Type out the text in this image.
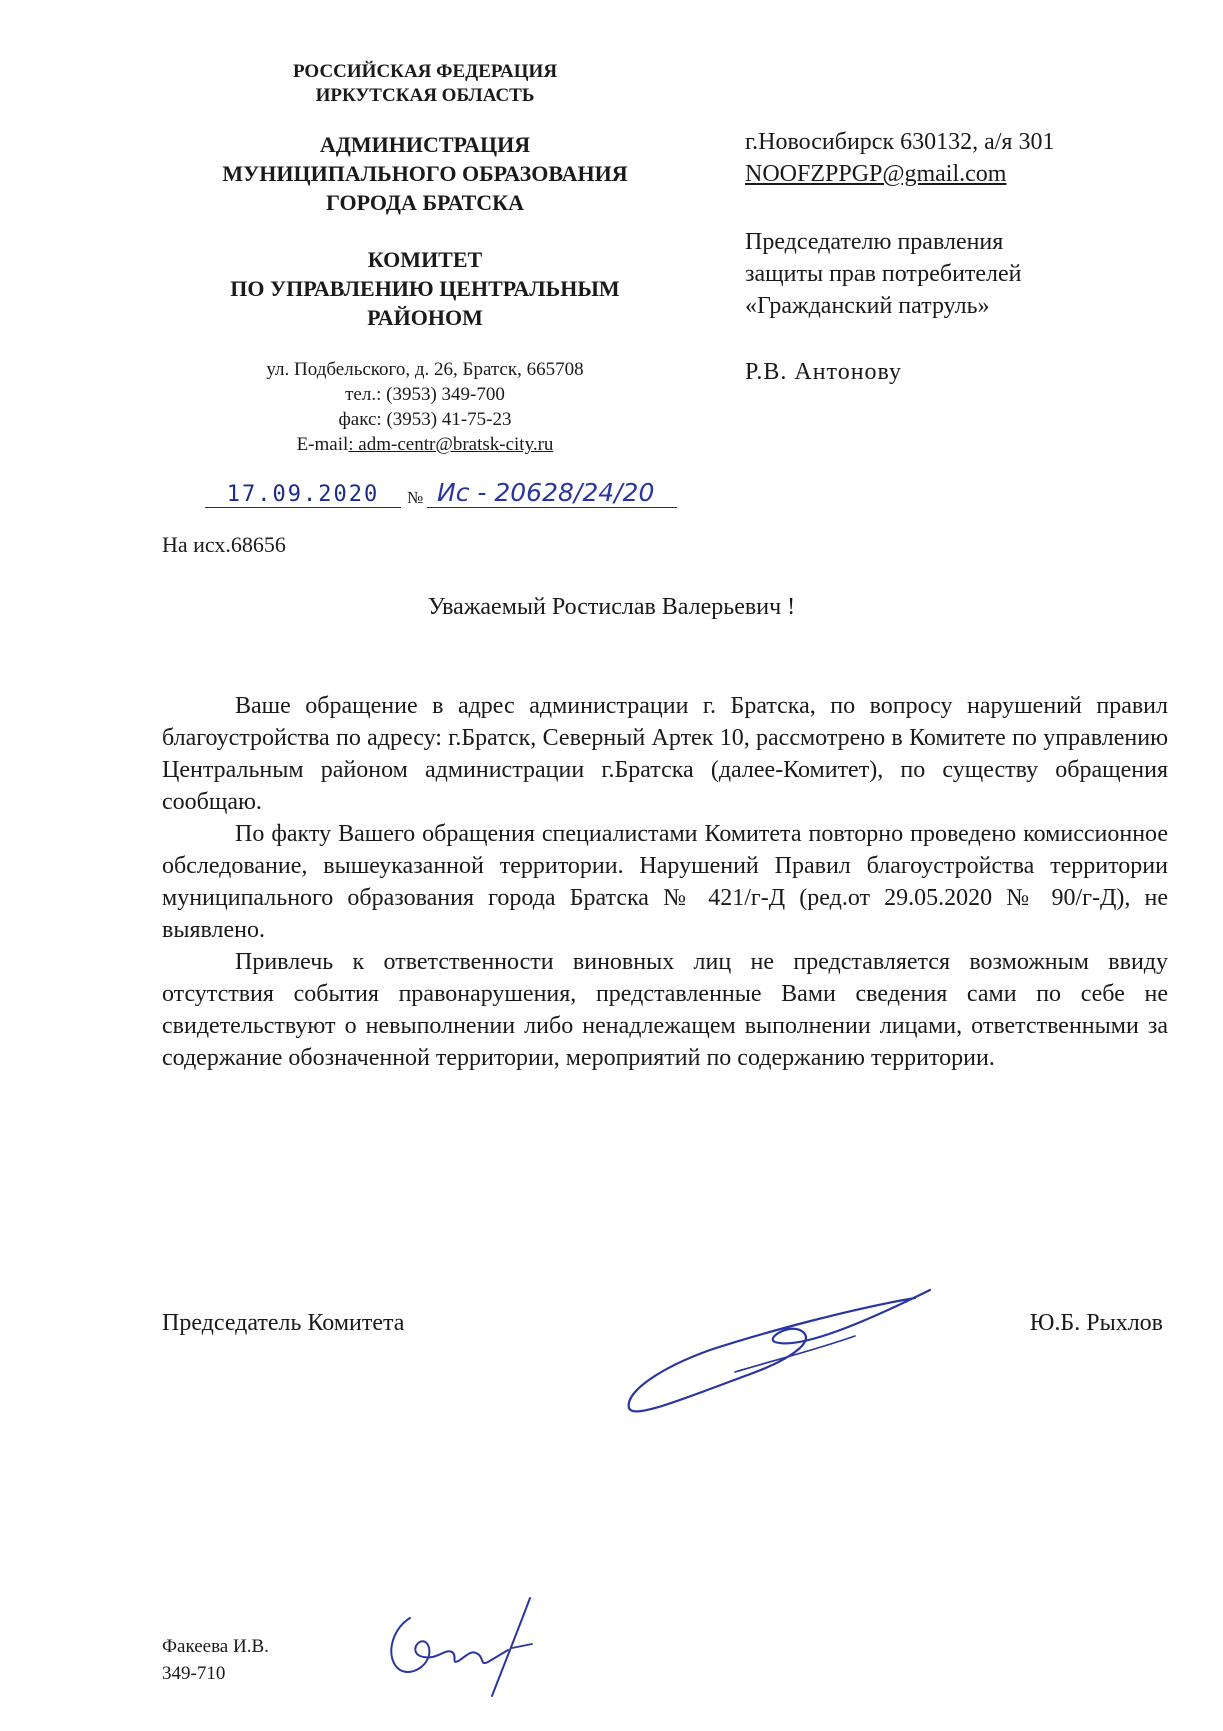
РОССИЙСКАЯ ФЕДЕРАЦИЯ
ИРКУТСКАЯ ОБЛАСТЬ
АДМИНИСТРАЦИЯ
МУНИЦИПАЛЬНОГО ОБРАЗОВАНИЯ
ГОРОДА БРАТСКА
КОМИТЕТ
ПО УПРАВЛЕНИЮ ЦЕНТРАЛЬНЫМ
РАЙОНОМ
ул. Подбельского, д. 26, Братск, 665708
тел.: (3953) 349-700
факс: (3953) 41-75-23
E-mail: adm-centr@bratsk-city.ru
17.09.2020	№ Ис - 20628/24/20
г.Новосибирск 630132, а/я 301
NOOFZPPGP@gmail.com
Председателю правления
защиты прав потребителей
«Гражданский патруль»
Р.В. Антонову
На исх.68656
Уважаемый Ростислав Валерьевич !

Ваше обращение в адрес администрации г. Братска, по вопросу нарушений правил благоустройства по адресу: г.Братск, Северный Артек 10, рассмотрено в Комитете по управлению Центральным районом администрации г.Братска (далее-Комитет), по существу обращения сообщаю.

По факту Вашего обращения специалистами Комитета повторно проведено комиссионное обследование, вышеуказанной территории. Нарушений Правил благоустройства территории муниципального образования города Братска № 421/г-Д (ред.от 29.05.2020 № 90/г-Д), не выявлено.

Привлечь к ответственности виновных лиц не представляется возможным ввиду отсутствия события правонарушения, представленные Вами сведения сами по себе не свидетельствуют о невыполнении либо ненадлежащем выполнении лицами, ответственными за содержание обозначенной территории, мероприятий по содержанию территории.

Председатель Комитета	Ю.Б. Рыхлов
Факеева И.В.
349-710
